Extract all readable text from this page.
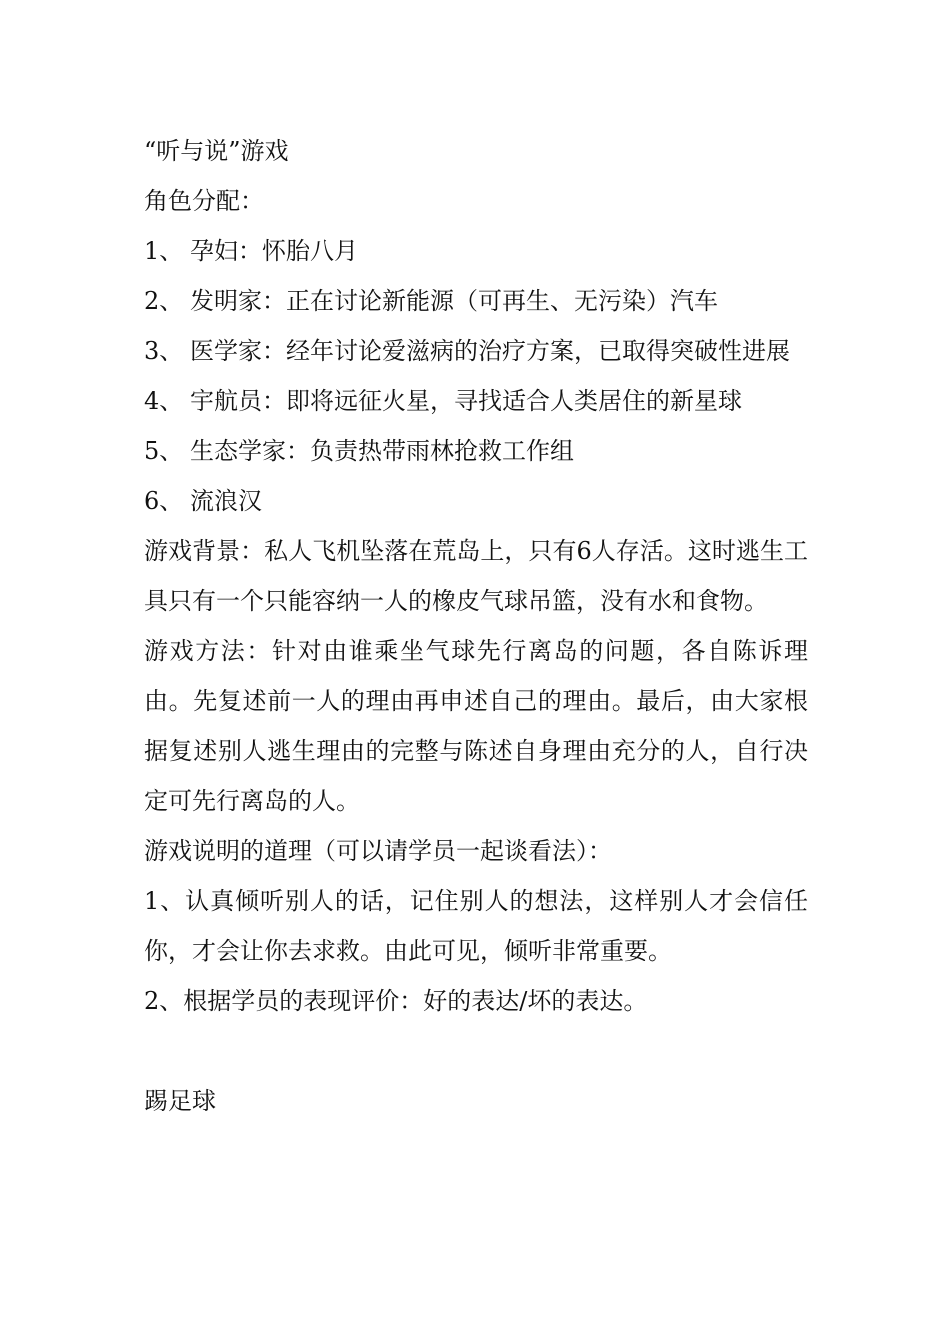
“听与说”游戏

角色分配：

1、 孕妇：怀胎八月

2、 发明家：正在讨论新能源（可再生、无污染）汽车

3、 医学家：经年讨论爱滋病的治疗方案，已取得突破性进展

4、 宇航员：即将远征火星，寻找适合人类居住的新星球

5、 生态学家：负责热带雨林抢救工作组

6、 流浪汉

游戏背景：私人飞机坠落在荒岛上，只有6人存活。这时逃生工具只有一个只能容纳一人的橡皮气球吊篮，没有水和食物。

游戏方法：针对由谁乘坐气球先行离岛的问题，各自陈诉理由。先复述前一人的理由再申述自己的理由。最后，由大家根据复述别人逃生理由的完整与陈述自身理由充分的人，自行决定可先行离岛的人。

游戏说明的道理（可以请学员一起谈看法）：

1、认真倾听别人的话，记住别人的想法，这样别人才会信任你，才会让你去求救。由此可见，倾听非常重要。

2、根据学员的表现评价：好的表达/坏的表达。

踢足球
